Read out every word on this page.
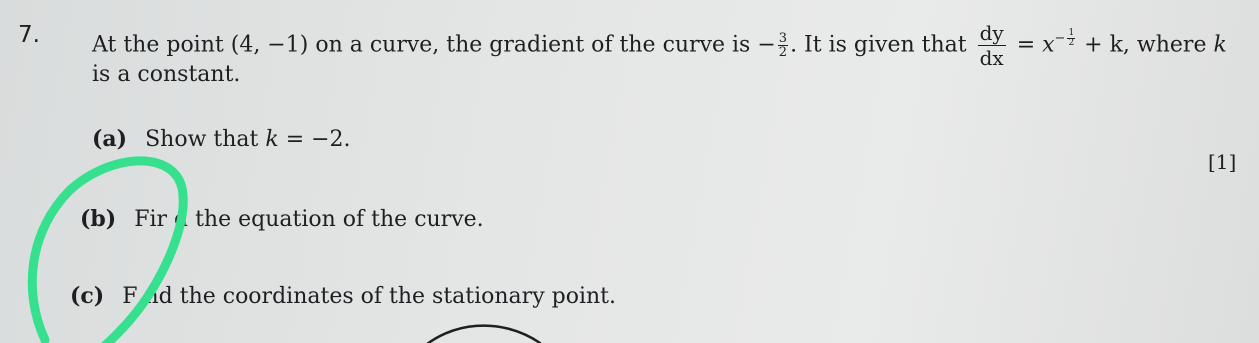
7. At the point (4, −1) on a curve, the gradient of the curve is − $\frac{3}{2}$ . It is given that $\frac{dy}{dx} = x- \frac{1}{2} + k$, where k
is a constant.
(a) Show that k = −2.
[1]
(b) Fir d the equation of the curve.
(c) F nd the coordinates of the stationary point.
